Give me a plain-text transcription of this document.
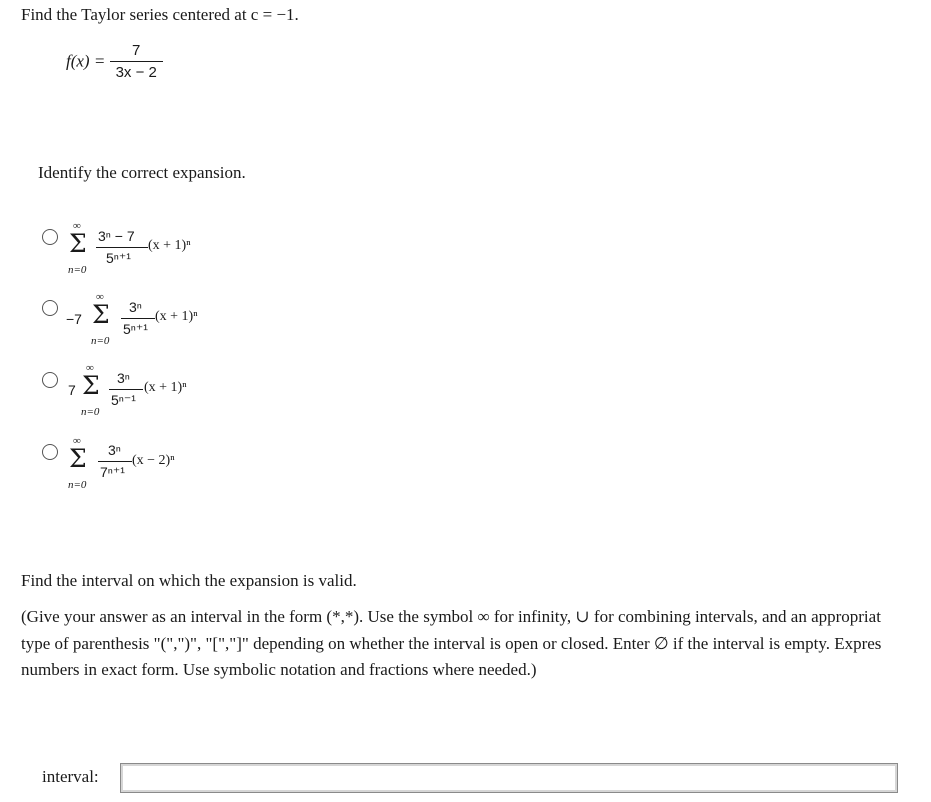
Find the Taylor series centered at c = −1.
$f(x) = \frac{7}{3x - 2}$
Identify the correct expansion.
∞
Σ
n=0
3ⁿ − 7
5ⁿ⁺¹
(x + 1)ⁿ
−7
∞
Σ
n=0
3ⁿ
5ⁿ⁺¹
(x + 1)ⁿ
7
∞
Σ
n=0
3ⁿ
5ⁿ⁻¹
(x + 1)ⁿ
∞
Σ
n=0
3ⁿ
7ⁿ⁺¹
(x − 2)ⁿ
Find the interval on which the expansion is valid.
(Give your answer as an interval in the form (*,*). Use the symbol ∞ for infinity, ∪ for combining intervals, and an appropriat
type of parenthesis "(",")", "[","]" depending on whether the interval is open or closed. Enter ∅ if the interval is empty. Expres
numbers in exact form. Use symbolic notation and fractions where needed.)
interval:
